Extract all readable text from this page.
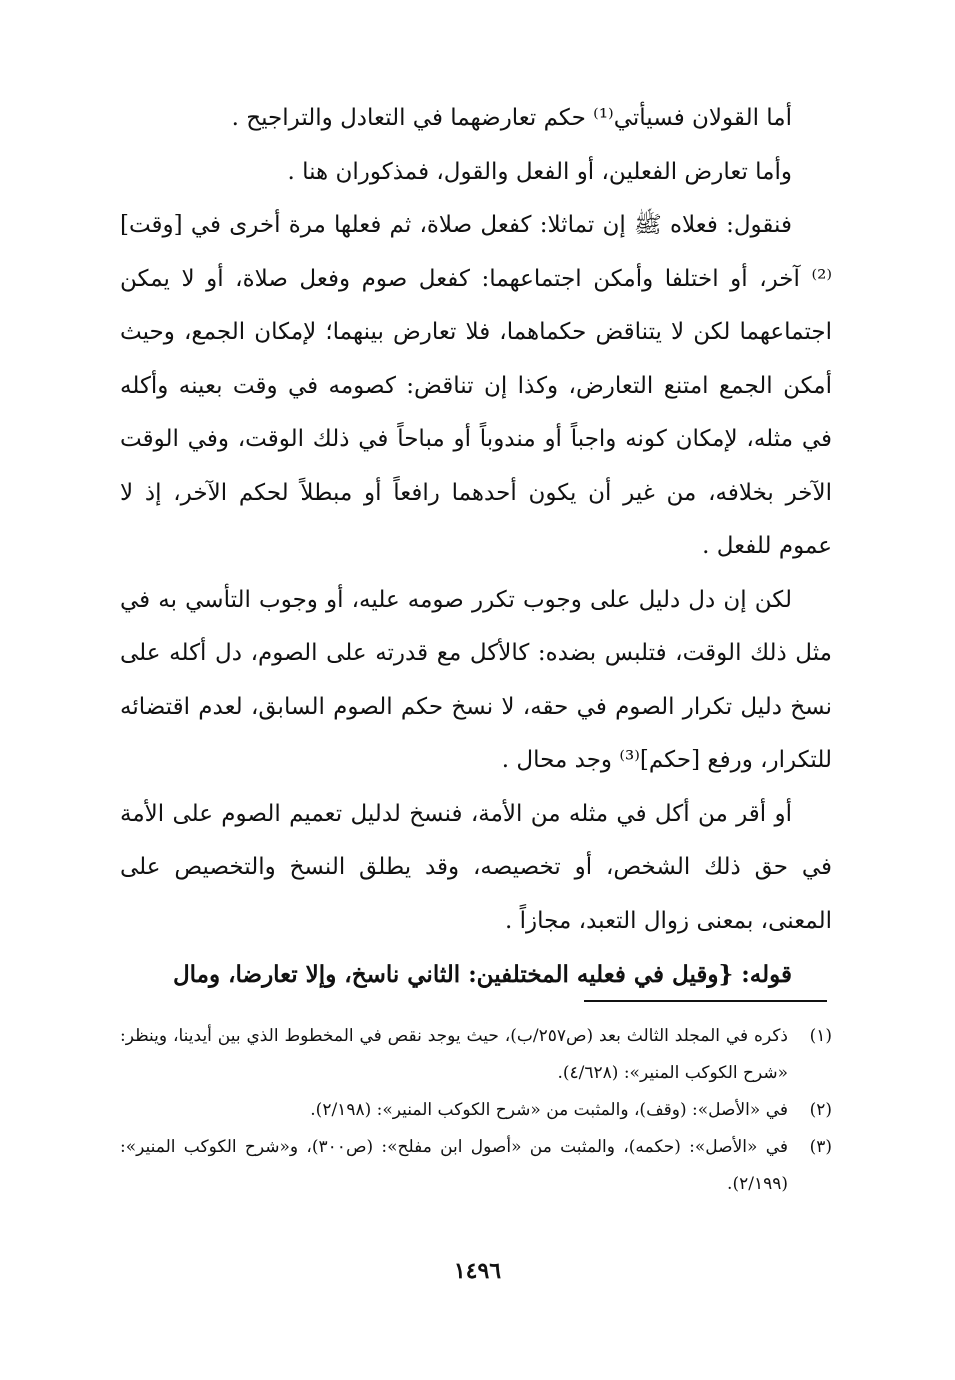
أما القولان فسيأتي⁽¹⁾ حكم تعارضهما في التعادل والتراجيح .

وأما تعارض الفعلين، أو الفعل والقول، فمذكوران هنا .

فنقول: فعلاه ﷺ إن تماثلا: كفعل صلاة، ثم فعلها مرة أخرى في [وقت]⁽²⁾ آخر، أو اختلفا وأمكن اجتماعهما: كفعل صوم وفعل صلاة، أو لا يمكن اجتماعهما لكن لا يتناقض حكماهما، فلا تعارض بينهما؛ لإمكان الجمع، وحيث أمكن الجمع امتنع التعارض، وكذا إن تناقض: كصومه في وقت بعينه وأكله في مثله، لإمكان كونه واجباً أو مندوباً أو مباحاً في ذلك الوقت، وفي الوقت الآخر بخلافه، من غير أن يكون أحدهما رافعاً أو مبطلاً لحكم الآخر، إذ لا عموم للفعل .

لكن إن دل دليل على وجوب تكرر صومه عليه، أو وجوب التأسي به في مثل ذلك الوقت، فتلبس بضده: كالأكل مع قدرته على الصوم، دل أكله على نسخ دليل تكرار الصوم في حقه، لا نسخ حكم الصوم السابق، لعدم اقتضائه للتكرار، ورفع [حكم]⁽³⁾ وجد محال .

أو أقر من أكل في مثله من الأمة، فنسخ لدليل تعميم الصوم على الأمة في حق ذلك الشخص، أو تخصيصه، وقد يطلق النسخ والتخصيص على المعنى، بمعنى زوال التعبد، مجازاً .

قوله: {وقيل في فعليه المختلفين: الثاني ناسخ، وإلا تعارضا، ومال

(١)
ذكره في المجلد الثالث بعد (ص٢٥٧/ب)، حيث يوجد نقص في المخطوط الذي بين أيدينا، وينظر: «شرح الكوكب المنير»: (٤/٦٢٨).
(٢)
في «الأصل»: (وقف)، والمثبت من «شرح الكوكب المنير»: (٢/١٩٨).
(٣)
في «الأصل»: (حكمه)، والمثبت من «أصول ابن مفلح»: (ص٣٠٠)، و«شرح الكوكب المنير»: (٢/١٩٩).
١٤٩٦
